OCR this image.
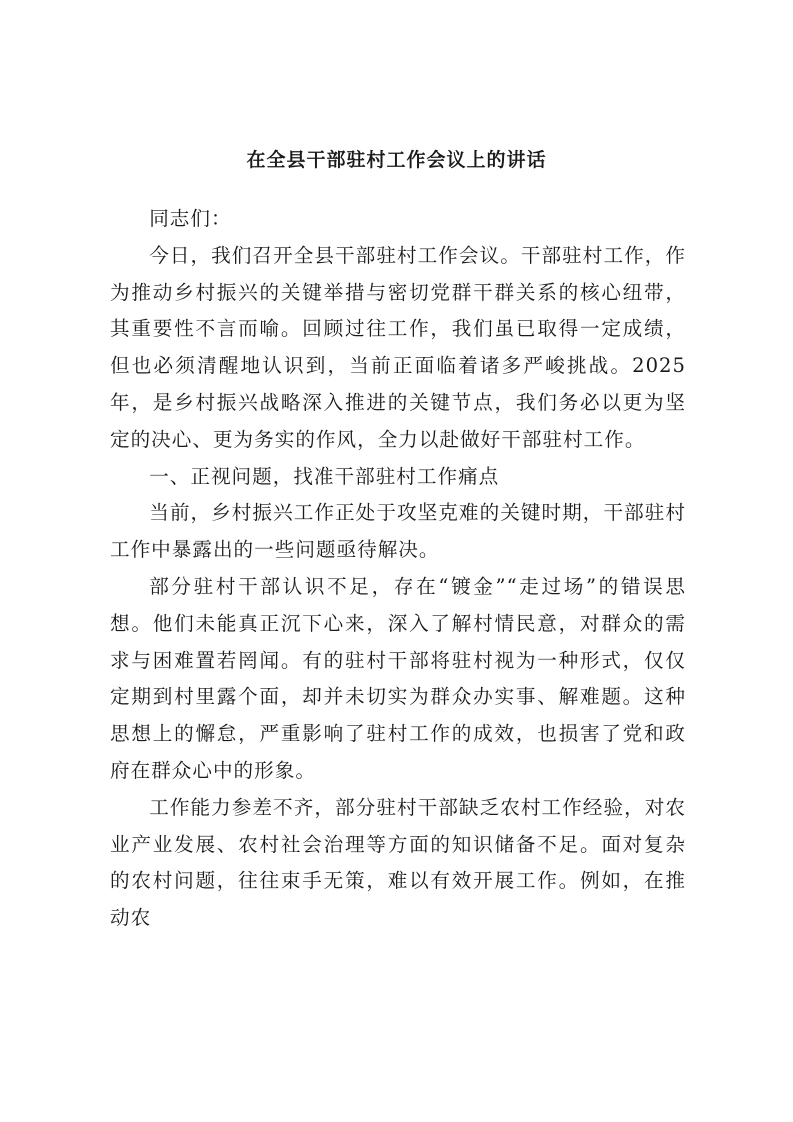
在全县干部驻村工作会议上的讲话

同志们：

今日，我们召开全县干部驻村工作会议。干部驻村工作，作为推动乡村振兴的关键举措与密切党群干群关系的核心纽带，其重要性不言而喻。回顾过往工作，我们虽已取得一定成绩，但也必须清醒地认识到，当前正面临着诸多严峻挑战。2025 年，是乡村振兴战略深入推进的关键节点，我们务必以更为坚定的决心、更为务实的作风，全力以赴做好干部驻村工作。

一、正视问题，找准干部驻村工作痛点

当前，乡村振兴工作正处于攻坚克难的关键时期，干部驻村工作中暴露出的一些问题亟待解决。

部分驻村干部认识不足，存在“镀金”“走过场”的错误思想。他们未能真正沉下心来，深入了解村情民意，对群众的需求与困难置若罔闻。有的驻村干部将驻村视为一种形式，仅仅定期到村里露个面，却并未切实为群众办实事、解难题。这种思想上的懈怠，严重影响了驻村工作的成效，也损害了党和政府在群众心中的形象。

工作能力参差不齐，部分驻村干部缺乏农村工作经验，对农业产业发展、农村社会治理等方面的知识储备不足。面对复杂的农村问题，往往束手无策，难以有效开展工作。例如，在推动农
